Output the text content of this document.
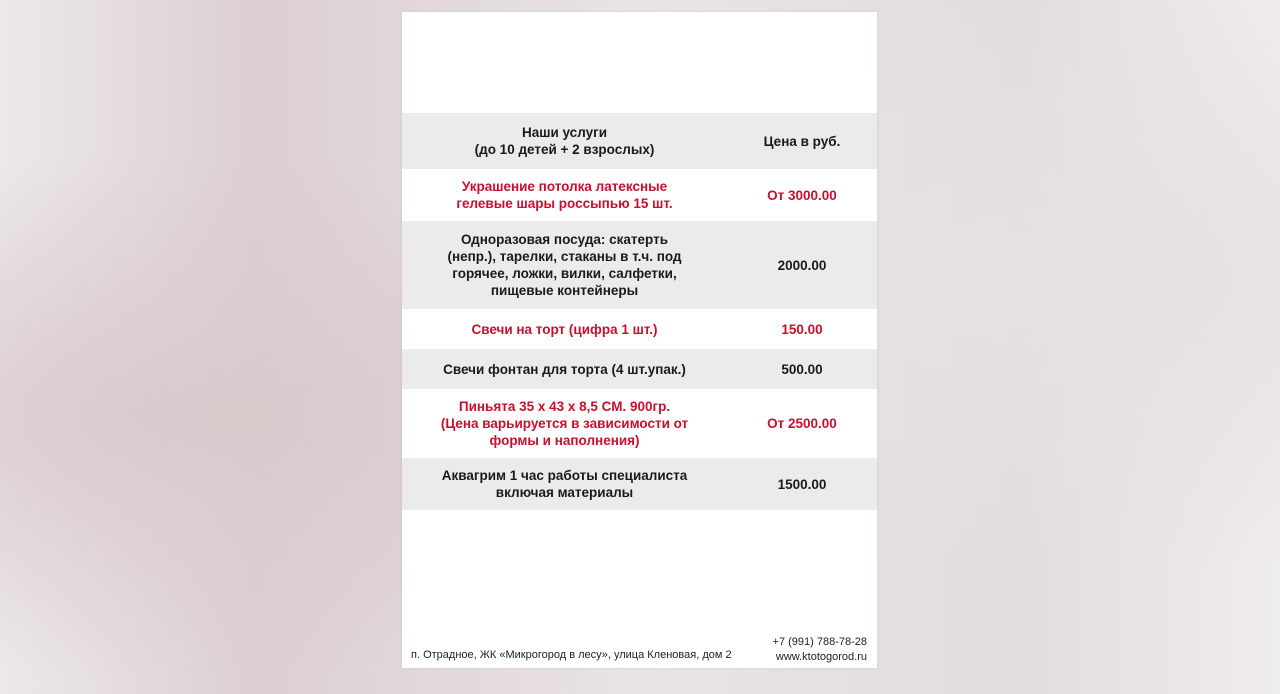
Наши услуги
(до 10 детей + 2 взрослых)
Цена в руб.
Украшение потолка латексные
гелевые шары россыпью 15 шт.
От 3000.00
Одноразовая посуда: скатерть
(непр.), тарелки, стаканы в т.ч. под
горячее, ложки, вилки, салфетки,
пищевые контейнеры
2000.00
Свечи на торт (цифра 1 шт.)	150.00
Свечи фонтан для торта (4 шт.упак.)	500.00
Пиньята 35 х 43 х 8,5 СМ. 900гр.
(Цена варьируется в зависимости от
формы и наполнения)
От 2500.00
Аквагрим 1 час работы специалиста
включая материалы
1500.00
п. Отрадное, ЖК «Микрогород в лесу», улица Кленовая, дом 2
+7 (991) 788-78-28
www.ktotogorod.ru
